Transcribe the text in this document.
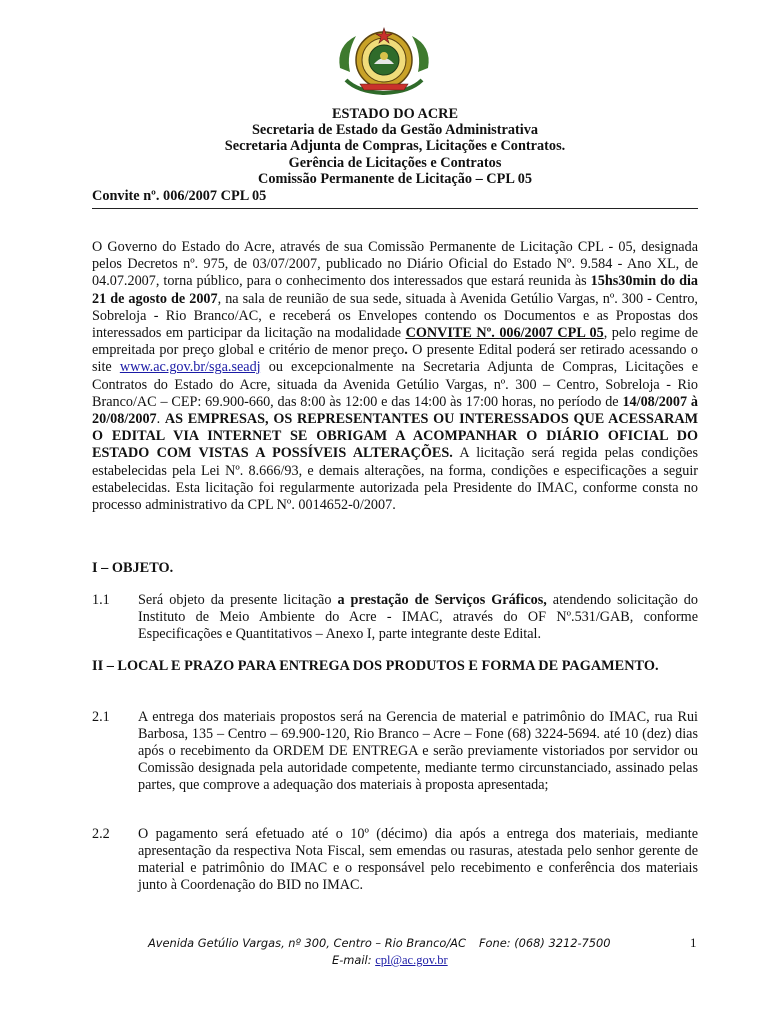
ESTADO DO ACRE
Secretaria de Estado da Gestão Administrativa
Secretaria Adjunta de Compras, Licitações e Contratos.
Gerência de Licitações e Contratos
Comissão Permanente de Licitação – CPL 05
Convite nº. 006/2007 CPL 05
O Governo do Estado do Acre, através de sua Comissão Permanente de Licitação CPL - 05, designada pelos Decretos nº. 975, de 03/07/2007, publicado no Diário Oficial do Estado Nº. 9.584 - Ano XL, de 04.07.2007, torna público, para o conhecimento dos interessados que estará reunida às 15hs30min do dia 21 de agosto de 2007, na sala de reunião de sua sede, situada à Avenida Getúlio Vargas, nº. 300 - Centro, Sobreloja - Rio Branco/AC, e receberá os Envelopes contendo os Documentos e as Propostas dos interessados em participar da licitação na modalidade CONVITE Nº. 006/2007 CPL 05, pelo regime de empreitada por preço global e critério de menor preço. O presente Edital poderá ser retirado acessando o site www.ac.gov.br/sga.seadj ou excepcionalmente na Secretaria Adjunta de Compras, Licitações e Contratos do Estado do Acre, situada da Avenida Getúlio Vargas, nº. 300 – Centro, Sobreloja - Rio Branco/AC – CEP: 69.900-660, das 8:00 às 12:00 e das 14:00 às 17:00 horas, no período de 14/08/2007 à 20/08/2007. AS EMPRESAS, OS REPRESENTANTES OU INTERESSADOS QUE ACESSARAM O EDITAL VIA INTERNET SE OBRIGAM A ACOMPANHAR O DIÁRIO OFICIAL DO ESTADO COM VISTAS A POSSÍVEIS ALTERAÇÕES. A licitação será regida pelas condições estabelecidas pela Lei Nº. 8.666/93, e demais alterações, na forma, condições e especificações a seguir estabelecidas. Esta licitação foi regularmente autorizada pela Presidente do IMAC, conforme consta no processo administrativo da CPL Nº. 0014652-0/2007.
I – OBJETO.
1.1 Será objeto da presente licitação a prestação de Serviços Gráficos, atendendo solicitação do Instituto de Meio Ambiente do Acre - IMAC, através do OF Nº.531/GAB, conforme Especificações e Quantitativos – Anexo I, parte integrante deste Edital.
II – LOCAL E PRAZO PARA ENTREGA DOS PRODUTOS E FORMA DE PAGAMENTO.
2.1 A entrega dos materiais propostos será na Gerencia de material e patrimônio do IMAC, rua Rui Barbosa, 135 – Centro – 69.900-120, Rio Branco – Acre – Fone (68) 3224-5694. até 10 (dez) dias após o recebimento da ORDEM DE ENTREGA e serão previamente vistoriados por servidor ou Comissão designada pela autoridade competente, mediante termo circunstanciado, assinado pelas partes, que comprove a adequação dos materiais à proposta apresentada;
2.2 O pagamento será efetuado até o 10º (décimo) dia após a entrega dos materiais, mediante apresentação da respectiva Nota Fiscal, sem emendas ou rasuras, atestada pelo senhor gerente de material e patrimônio do IMAC e o responsável pelo recebimento e conferência dos materiais junto à Coordenação do BID no IMAC.
Avenida Getúlio Vargas, nº 300, Centro – Rio Branco/AC Fone: (068) 3212-7500
E-mail: cpl@ac.gov.br
1
